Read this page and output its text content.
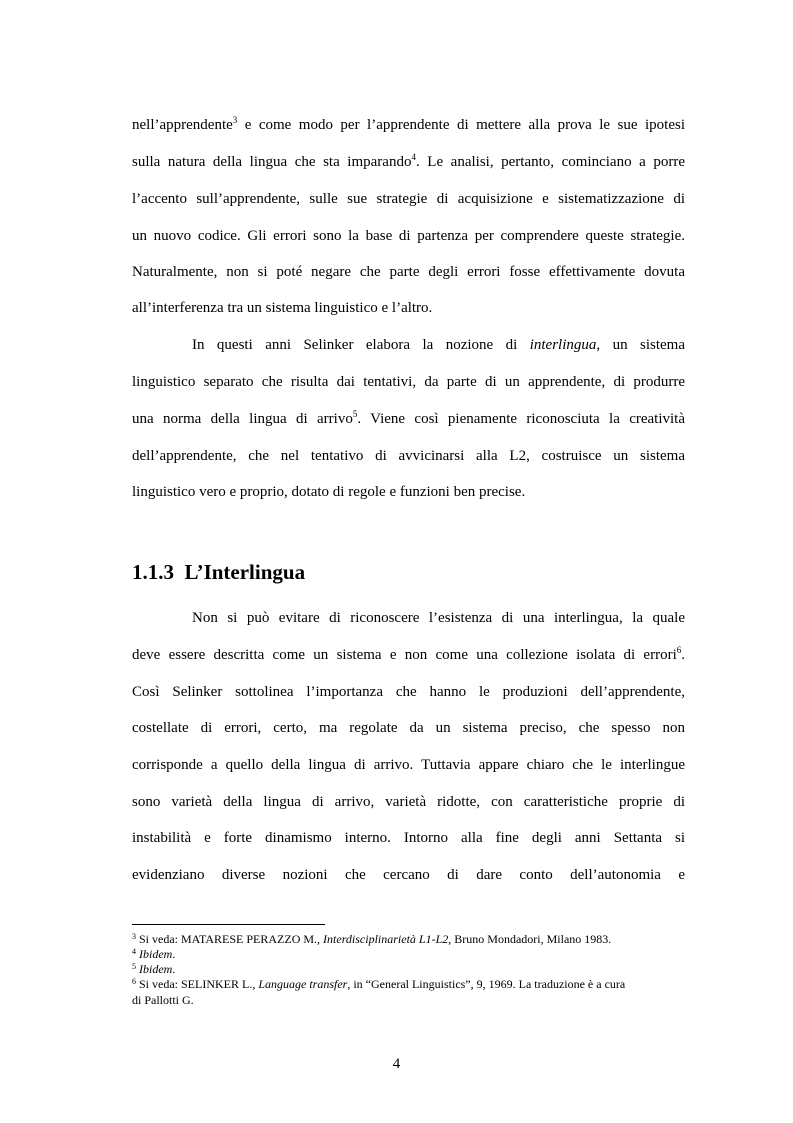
nell’apprendente$^3$ e come modo per l’apprendente di mettere alla prova le sue ipotesi
sulla natura della lingua che sta imparando$^4$. Le analisi, pertanto, cominciano a porre
l’accento sull’apprendente, sulle sue strategie di acquisizione e sistematizzazione di
un nuovo codice. Gli errori sono la base di partenza per comprendere queste strategie.
Naturalmente, non si poté negare che parte degli errori fosse effettivamente dovuta
all’interferenza tra un sistema linguistico e l’altro.
In questi anni Selinker elabora la nozione di interlingua, un sistema
linguistico separato che risulta dai tentativi, da parte di un apprendente, di produrre
una norma della lingua di arrivo$^5$. Viene così pienamente riconosciuta la creatività
dell’apprendente, che nel tentativo di avvicinarsi alla L2, costruisce un sistema
linguistico vero e proprio, dotato di regole e funzioni ben precise.
1.1.3 L’Interlingua
Non si può evitare di riconoscere l’esistenza di una interlingua, la quale
deve essere descritta come un sistema e non come una collezione isolata di errori$^6$.
Così Selinker sottolinea l’importanza che hanno le produzioni dell’apprendente,
costellate di errori, certo, ma regolate da un sistema preciso, che spesso non
corrisponde a quello della lingua di arrivo. Tuttavia appare chiaro che le interlingue
sono varietà della lingua di arrivo, varietà ridotte, con caratteristiche proprie di
instabilità e forte dinamismo interno. Intorno alla fine degli anni Settanta si
evidenziano diverse nozioni che cercano di dare conto dell’autonomia e
$^3$ Si veda: MATARESE PERAZZO M., Interdisciplinarietà L1-L2, Bruno Mondadori, Milano 1983.
$^4$ Ibidem.
$^5$ Ibidem.
$^6$ Si veda: SELINKER L., Language transfer, in “General Linguistics”, 9, 1969. La traduzione è a cura
di Pallotti G.
4
